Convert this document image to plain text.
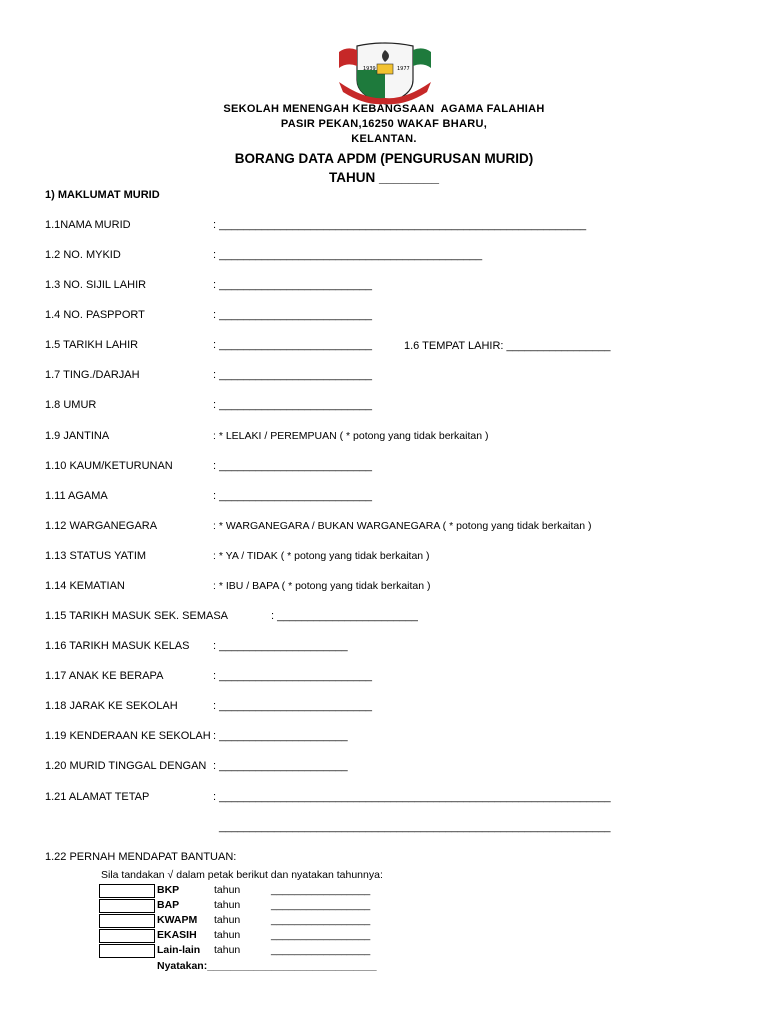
1939	1977
SEKOLAH MENENGAH KEBANGSAAN  AGAMA FALAHIAH
PASIR PEKAN,16250 WAKAF BHARU,
KELANTAN.
BORANG DATA APDM (PENGURUSAN MURID)
TAHUN ________
1) MAKLUMAT MURID
1.1NAMA MURID	: ____________________________________________________________
1.2 NO. MYKID	: ___________________________________________
1.3 NO. SIJIL LAHIR	: _________________________
1.4 NO. PASPPORT	: _________________________
1.5 TARIKH LAHIR	: _________________________	1.6 TEMPAT LAHIR: _________________
1.7 TING./DARJAH	: _________________________
1.8 UMUR	: _________________________
1.9 JANTINA	: * LELAKI / PEREMPUAN ( * potong yang tidak berkaitan )
1.10 KAUM/KETURUNAN	: _________________________
1.11 AGAMA	: _________________________
1.12 WARGANEGARA	: * WARGANEGARA / BUKAN WARGANEGARA ( * potong yang tidak berkaitan )
1.13 STATUS YATIM	: * YA / TIDAK ( * potong yang tidak berkaitan )
1.14 KEMATIAN	: * IBU / BAPA ( * potong yang tidak berkaitan )
1.15 TARIKH MASUK SEK. SEMASA	: _______________________
1.16 TARIKH MASUK KELAS : _____________________
1.17 ANAK KE BERAPA	: _________________________
1.18 JARAK KE SEKOLAH	: _________________________
1.19 KENDERAAN KE SEKOLAH : _____________________
1.20 MURID TINGGAL DENGAN : _____________________
1.21 ALAMAT TETAP	: ________________________________________________________________
________________________________________________________________
1.22 PERNAH MENDAPAT BANTUAN:
Sila tandakan √ dalam petak berikut dan nyatakan tahunnya:
BKP	tahun	_________________
BAP	tahun	_________________
KWAPM tahun	_________________
EKASIH tahun	_________________
Lain-lain tahun	_________________
Nyatakan:_____________________________
